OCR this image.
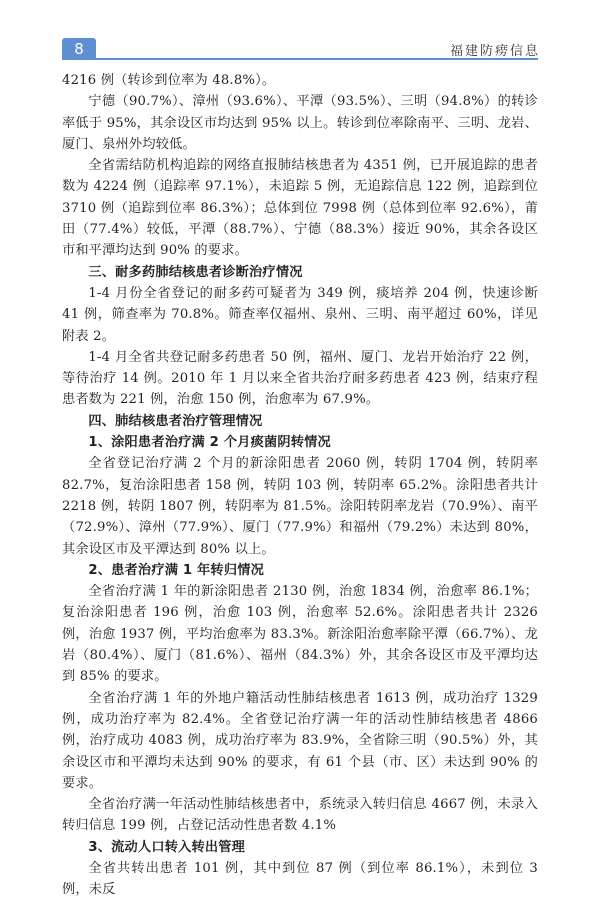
8	福建防痨信息

4216 例（转诊到位率为 48.8%）。

宁德（90.7%）、漳州（93.6%）、平潭（93.5%）、三明（94.8%）的转诊率低于 95%，其余设区市均达到 95% 以上。转诊到位率除南平、三明、龙岩、厦门、泉州外均较低。

全省需结防机构追踪的网络直报肺结核患者为 4351 例，已开展追踪的患者数为 4224 例（追踪率 97.1%），未追踪 5 例，无追踪信息 122 例，追踪到位 3710 例（追踪到位率 86.3%）；总体到位 7998 例（总体到位率 92.6%），莆田（77.4%）较低，平潭（88.7%）、宁德（88.3%）接近 90%，其余各设区市和平潭均达到 90% 的要求。

三、耐多药肺结核患者诊断治疗情况

1-4 月份全省登记的耐多药可疑者为 349 例，痰培养 204 例，快速诊断 41 例，筛查率为 70.8%。筛查率仅福州、泉州、三明、南平超过 60%，详见附表 2。

1-4 月全省共登记耐多药患者 50 例，福州、厦门、龙岩开始治疗 22 例，等待治疗 14 例。2010 年 1 月以来全省共治疗耐多药患者 423 例，结束疗程患者数为 221 例，治愈 150 例，治愈率为 67.9%。

四、肺结核患者治疗管理情况

1、涂阳患者治疗满 2 个月痰菌阴转情况

全省登记治疗满 2 个月的新涂阳患者 2060 例，转阴 1704 例，转阴率 82.7%，复治涂阳患者 158 例，转阴 103 例，转阴率 65.2%。涂阳患者共计 2218 例，转阴 1807 例，转阴率为 81.5%。涂阳转阴率龙岩（70.9%）、南平（72.9%）、漳州（77.9%）、厦门（77.9%）和福州（79.2%）未达到 80%，其余设区市及平潭达到 80% 以上。

2、患者治疗满 1 年转归情况

全省治疗满 1 年的新涂阳患者 2130 例，治愈 1834 例，治愈率 86.1%；复治涂阳患者 196 例，治愈 103 例，治愈率 52.6%。涂阳患者共计 2326 例，治愈 1937 例，平均治愈率为 83.3%。新涂阳治愈率除平潭（66.7%）、龙岩（80.4%）、厦门（81.6%）、福州（84.3%）外，其余各设区市及平潭均达到 85% 的要求。

全省治疗满 1 年的外地户籍活动性肺结核患者 1613 例，成功治疗 1329 例，成功治疗率为 82.4%。全省登记治疗满一年的活动性肺结核患者 4866 例，治疗成功 4083 例，成功治疗率为 83.9%，全省除三明（90.5%）外，其余设区市和平潭均未达到 90% 的要求，有 61 个县（市、区）未达到 90% 的要求。

全省治疗满一年活动性肺结核患者中，系统录入转归信息 4667 例，未录入转归信息 199 例，占登记活动性患者数 4.1%

3、流动人口转入转出管理

全省共转出患者 101 例，其中到位 87 例（到位率 86.1%），未到位 3 例，未反
